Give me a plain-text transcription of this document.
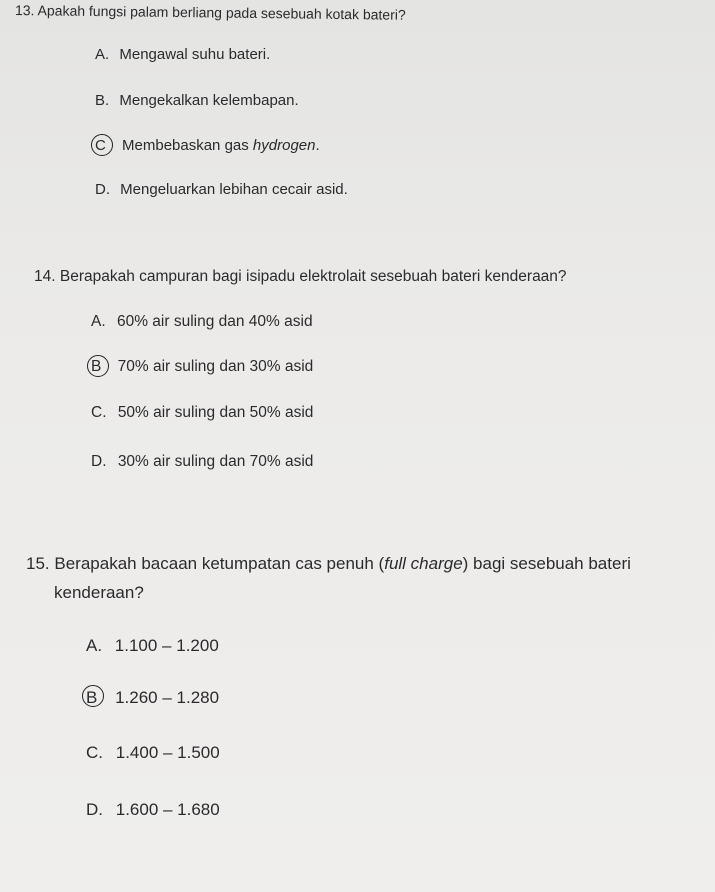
13. Apakah fungsi palam berliang pada sesebuah kotak bateri?
A. Mengawal suhu bateri.
B. Mengekalkan kelembapan.
C Membebaskan gas hydrogen.
D. Mengeluarkan lebihan cecair asid.
14. Berapakah campuran bagi isipadu elektrolait sesebuah bateri kenderaan?
A. 60% air suling dan 40% asid
B 70% air suling dan 30% asid
C. 50% air suling dan 50% asid
D. 30% air suling dan 70% asid
15. Berapakah bacaan ketumpatan cas penuh (full charge) bagi sesebuah bateri
kenderaan?
A. 1.100 – 1.200
B 1.260 – 1.280
C. 1.400 – 1.500
D. 1.600 – 1.680
